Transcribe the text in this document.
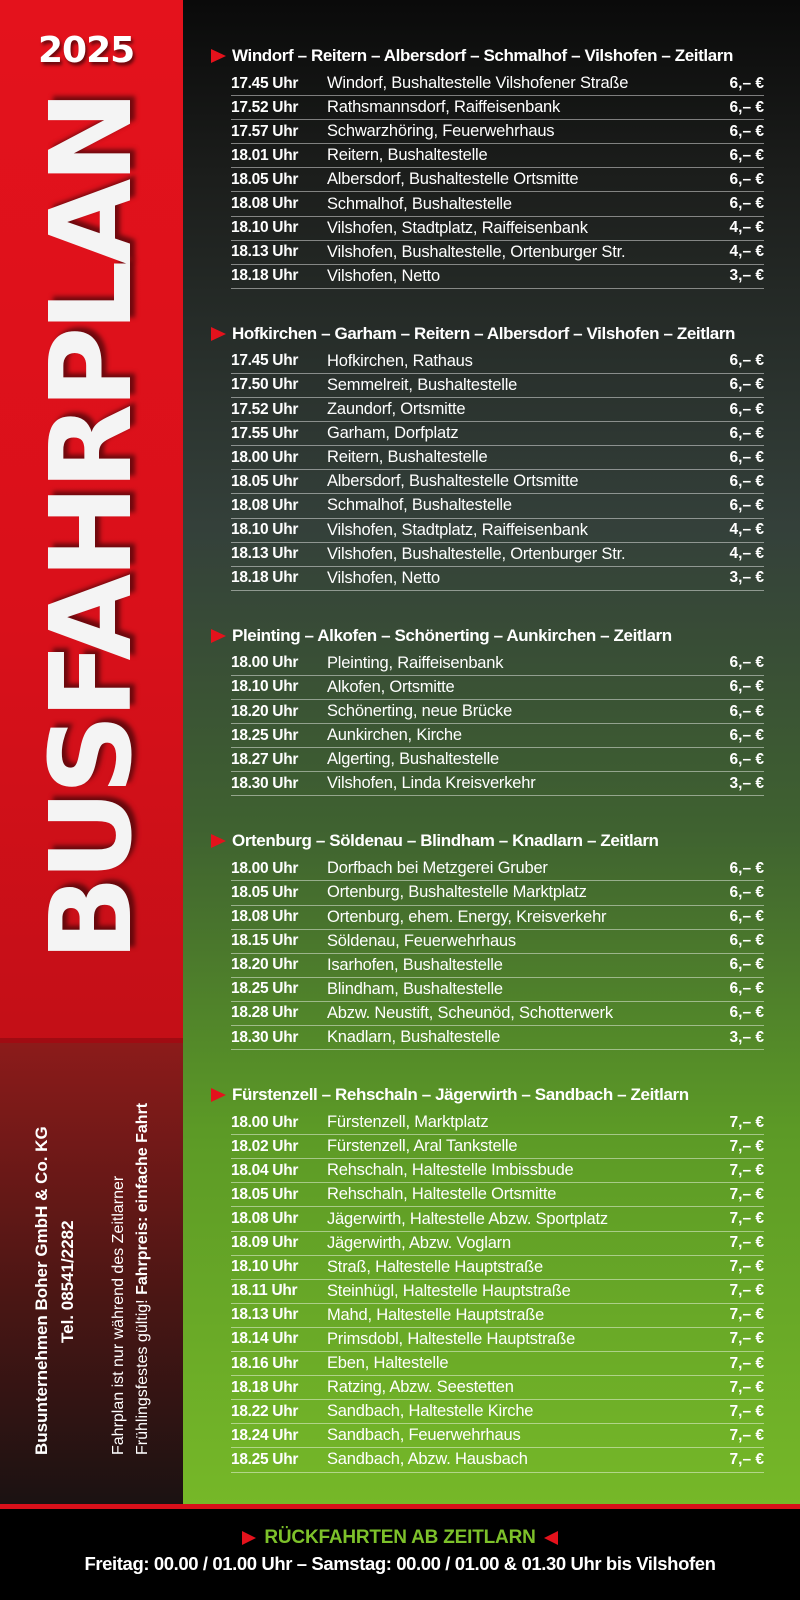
2025
BUSFAHRPLAN
Busunternehmen Boher GmbH & Co. KG Tel. 08541/2282 Fahrplan ist nur während des Zeitlarner Frühlingsfestes gültig! Fahrpreis: einfache Fahrt
Windorf – Reitern – Albersdorf – Schmalhof – Vilshofen – Zeitlarn
17.45 Uhr	Windorf, Bushaltestelle Vilshofener Straße	6,– €
17.52 Uhr	Rathsmannsdorf, Raiffeisenbank	6,– €
17.57 Uhr	Schwarzhöring, Feuerwehrhaus	6,– €
18.01 Uhr	Reitern, Bushaltestelle	6,– €
18.05 Uhr	Albersdorf, Bushaltestelle Ortsmitte	6,– €
18.08 Uhr	Schmalhof, Bushaltestelle	6,– €
18.10 Uhr	Vilshofen, Stadtplatz, Raiffeisenbank	4,– €
18.13 Uhr	Vilshofen, Bushaltestelle, Ortenburger Str.	4,– €
18.18 Uhr	Vilshofen, Netto	3,– €
Hofkirchen – Garham – Reitern – Albersdorf – Vilshofen – Zeitlarn
17.45 Uhr	Hofkirchen, Rathaus	6,– €
17.50 Uhr	Semmelreit, Bushaltestelle	6,– €
17.52 Uhr	Zaundorf, Ortsmitte	6,– €
17.55 Uhr	Garham, Dorfplatz	6,– €
18.00 Uhr	Reitern, Bushaltestelle	6,– €
18.05 Uhr	Albersdorf, Bushaltestelle Ortsmitte	6,– €
18.08 Uhr	Schmalhof, Bushaltestelle	6,– €
18.10 Uhr	Vilshofen, Stadtplatz, Raiffeisenbank	4,– €
18.13 Uhr	Vilshofen, Bushaltestelle, Ortenburger Str.	4,– €
18.18 Uhr	Vilshofen, Netto	3,– €
Pleinting – Alkofen – Schönerting – Aunkirchen – Zeitlarn
18.00 Uhr	Pleinting, Raiffeisenbank	6,– €
18.10 Uhr	Alkofen, Ortsmitte	6,– €
18.20 Uhr	Schönerting, neue Brücke	6,– €
18.25 Uhr	Aunkirchen, Kirche	6,– €
18.27 Uhr	Algerting, Bushaltestelle	6,– €
18.30 Uhr	Vilshofen, Linda Kreisverkehr	3,– €
Ortenburg – Söldenau – Blindham – Knadlarn – Zeitlarn
18.00 Uhr	Dorfbach bei Metzgerei Gruber	6,– €
18.05 Uhr	Ortenburg, Bushaltestelle Marktplatz	6,– €
18.08 Uhr	Ortenburg, ehem. Energy, Kreisverkehr	6,– €
18.15 Uhr	Söldenau, Feuerwehrhaus	6,– €
18.20 Uhr	Isarhofen, Bushaltestelle	6,– €
18.25 Uhr	Blindham, Bushaltestelle	6,– €
18.28 Uhr	Abzw. Neustift, Scheunöd, Schotterwerk	6,– €
18.30 Uhr	Knadlarn, Bushaltestelle	3,– €
Fürstenzell – Rehschaln – Jägerwirth – Sandbach – Zeitlarn
18.00 Uhr	Fürstenzell, Marktplatz	7,– €
18.02 Uhr	Fürstenzell, Aral Tankstelle	7,– €
18.04 Uhr	Rehschaln, Haltestelle Imbissbude	7,– €
18.05 Uhr	Rehschaln, Haltestelle Ortsmitte	7,– €
18.08 Uhr	Jägerwirth, Haltestelle Abzw. Sportplatz	7,– €
18.09 Uhr	Jägerwirth, Abzw. Voglarn	7,– €
18.10 Uhr	Straß, Haltestelle Hauptstraße	7,– €
18.11 Uhr	Steinhügl, Haltestelle Hauptstraße	7,– €
18.13 Uhr	Mahd, Haltestelle Hauptstraße	7,– €
18.14 Uhr	Primsdobl, Haltestelle Hauptstraße	7,– €
18.16 Uhr	Eben, Haltestelle	7,– €
18.18 Uhr	Ratzing, Abzw. Seestetten	7,– €
18.22 Uhr	Sandbach, Haltestelle Kirche	7,– €
18.24 Uhr	Sandbach, Feuerwehrhaus	7,– €
18.25 Uhr	Sandbach, Abzw. Hausbach	7,– €
RÜCKFAHRTEN AB ZEITLARN
Freitag: 00.00 / 01.00 Uhr – Samstag: 00.00 / 01.00 & 01.30 Uhr bis Vilshofen
